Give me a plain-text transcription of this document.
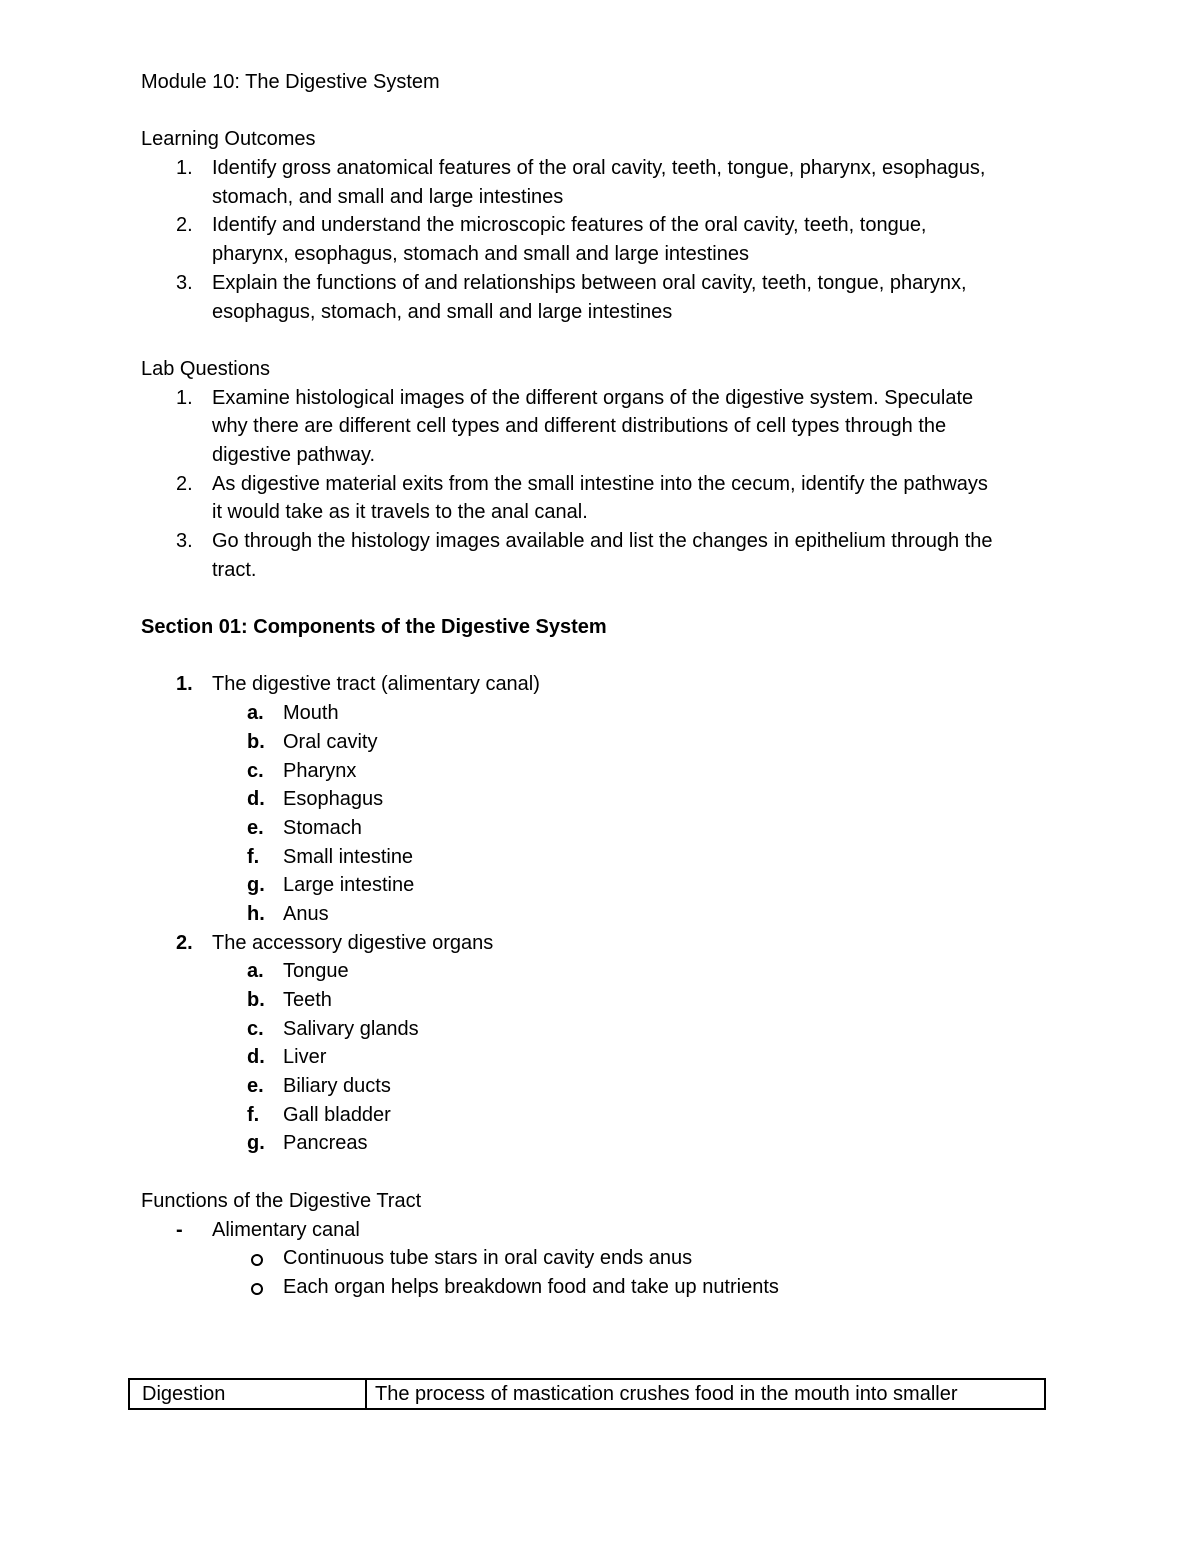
Module 10: The Digestive System
Learning Outcomes
1. Identify gross anatomical features of the oral cavity, teeth, tongue, pharynx, esophagus,
stomach, and small and large intestines
2. Identify and understand the microscopic features of the oral cavity, teeth, tongue,
pharynx, esophagus, stomach and small and large intestines
3. Explain the functions of and relationships between oral cavity, teeth, tongue, pharynx,
esophagus, stomach, and small and large intestines
Lab Questions
1. Examine histological images of the different organs of the digestive system. Speculate
why there are different cell types and different distributions of cell types through the
digestive pathway.
2. As digestive material exits from the small intestine into the cecum, identify the pathways
it would take as it travels to the anal canal.
3. Go through the histology images available and list the changes in epithelium through the
tract.
Section 01: Components of the Digestive System
1. The digestive tract (alimentary canal)
a. Mouth
b. Oral cavity
c. Pharynx
d. Esophagus
e. Stomach
f. Small intestine
g. Large intestine
h. Anus
2. The accessory digestive organs
a. Tongue
b. Teeth
c. Salivary glands
d. Liver
e. Biliary ducts
f. Gall bladder
g. Pancreas
Functions of the Digestive Tract
- Alimentary canal
Continuous tube stars in oral cavity ends anus
Each organ helps breakdown food and take up nutrients
Digestion	The process of mastication crushes food in the mouth into smaller
